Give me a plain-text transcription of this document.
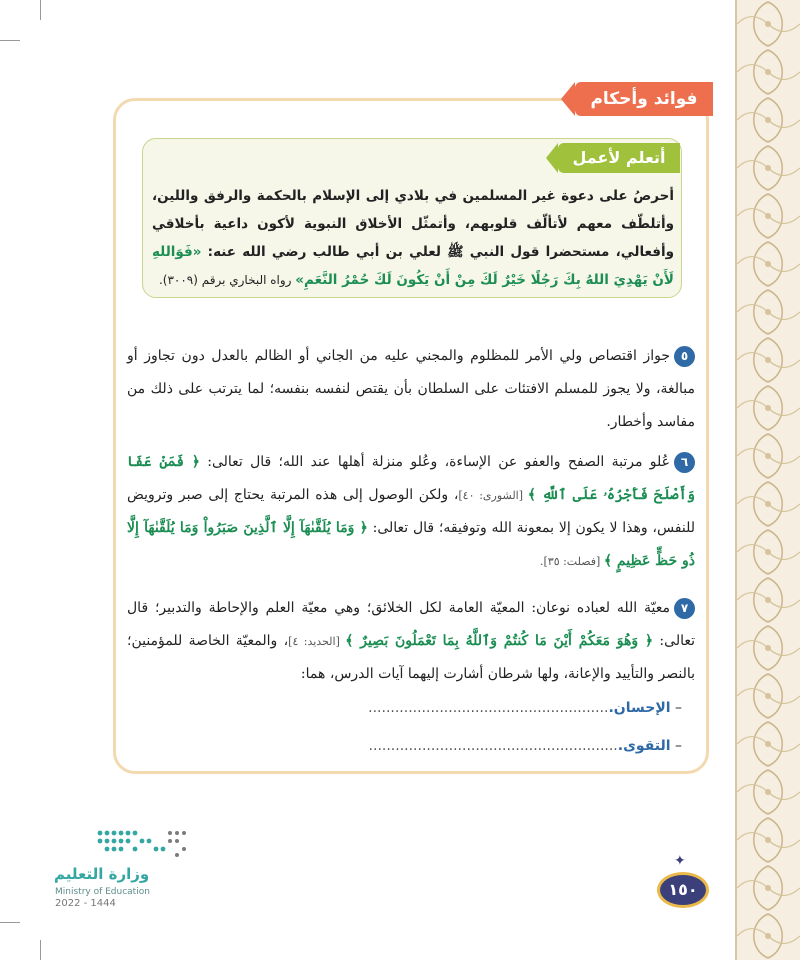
فوائد وأحكام
أتعلم لأعمل
أحرصُ على دعوة غير المسلمين في بلادي إلى الإسلام بالحكمة والرفق واللين، وأتلطّف معهم لأتألّف قلوبهم، وأتمثّل الأخلاق النبوية لأكون داعية بأخلاقي وأفعالي، مستحضرا قول النبي ﷺ لعلي بن أبي طالب رضي الله عنه: «فَوَاللهِ لَأَنْ يَهْدِيَ اللهُ بِكَ رَجُلًا خَيْرٌ لَكَ مِنْ أَنْ يَكُونَ لَكَ حُمْرُ النَّعَمِ» رواه البخاري برقم (٣٠٠٩).
٥جواز اقتصاص ولي الأمر للمظلوم والمجني عليه من الجاني أو الظالم بالعدل دون تجاوز أو مبالغة، ولا يجوز للمسلم الافتئات على السلطان بأن يقتص لنفسه بنفسه؛ لما يترتب على ذلك من مفاسد وأخطار.
٦عُلو مرتبة الصفح والعفو عن الإساءة، وعُلو منزلة أهلها عند الله؛ قال تعالى: ﴿ فَمَنْ عَفَا وَأَصْلَحَ فَأَجْرُهُۥ عَلَى ٱللَّهِ ﴾ [الشورى: ٤٠]، ولكن الوصول إلى هذه المرتبة يحتاج إلى صبر وترويض للنفس، وهذا لا يكون إلا بمعونة الله وتوفيقه؛ قال تعالى: ﴿ وَمَا يُلَقَّىٰهَآ إِلَّا ٱلَّذِينَ صَبَرُواْ وَمَا يُلَقَّىٰهَآ إِلَّا ذُو حَظٍّ عَظِيمٍ ﴾ [فصلت: ٣٥].
٧معيّة الله لعباده نوعان: المعيّة العامة لكل الخلائق؛ وهي معيّة العلم والإحاطة والتدبير؛ قال تعالى: ﴿ وَهُوَ مَعَكُمْ أَيْنَ مَا كُنتُمْ وَٱللَّهُ بِمَا تَعْمَلُونَ بَصِيرٌ ﴾ [الحديد: ٤]، والمعيّة الخاصة للمؤمنين؛ بالنصر والتأييد والإعانة، ولها شرطان أشارت إليهما آيات الدرس، هما:
– الإحسان.......................................................
– التقوى.........................................................
✦
١٥٠
وزارة التعليم
Ministry of Education
2022 - 1444
